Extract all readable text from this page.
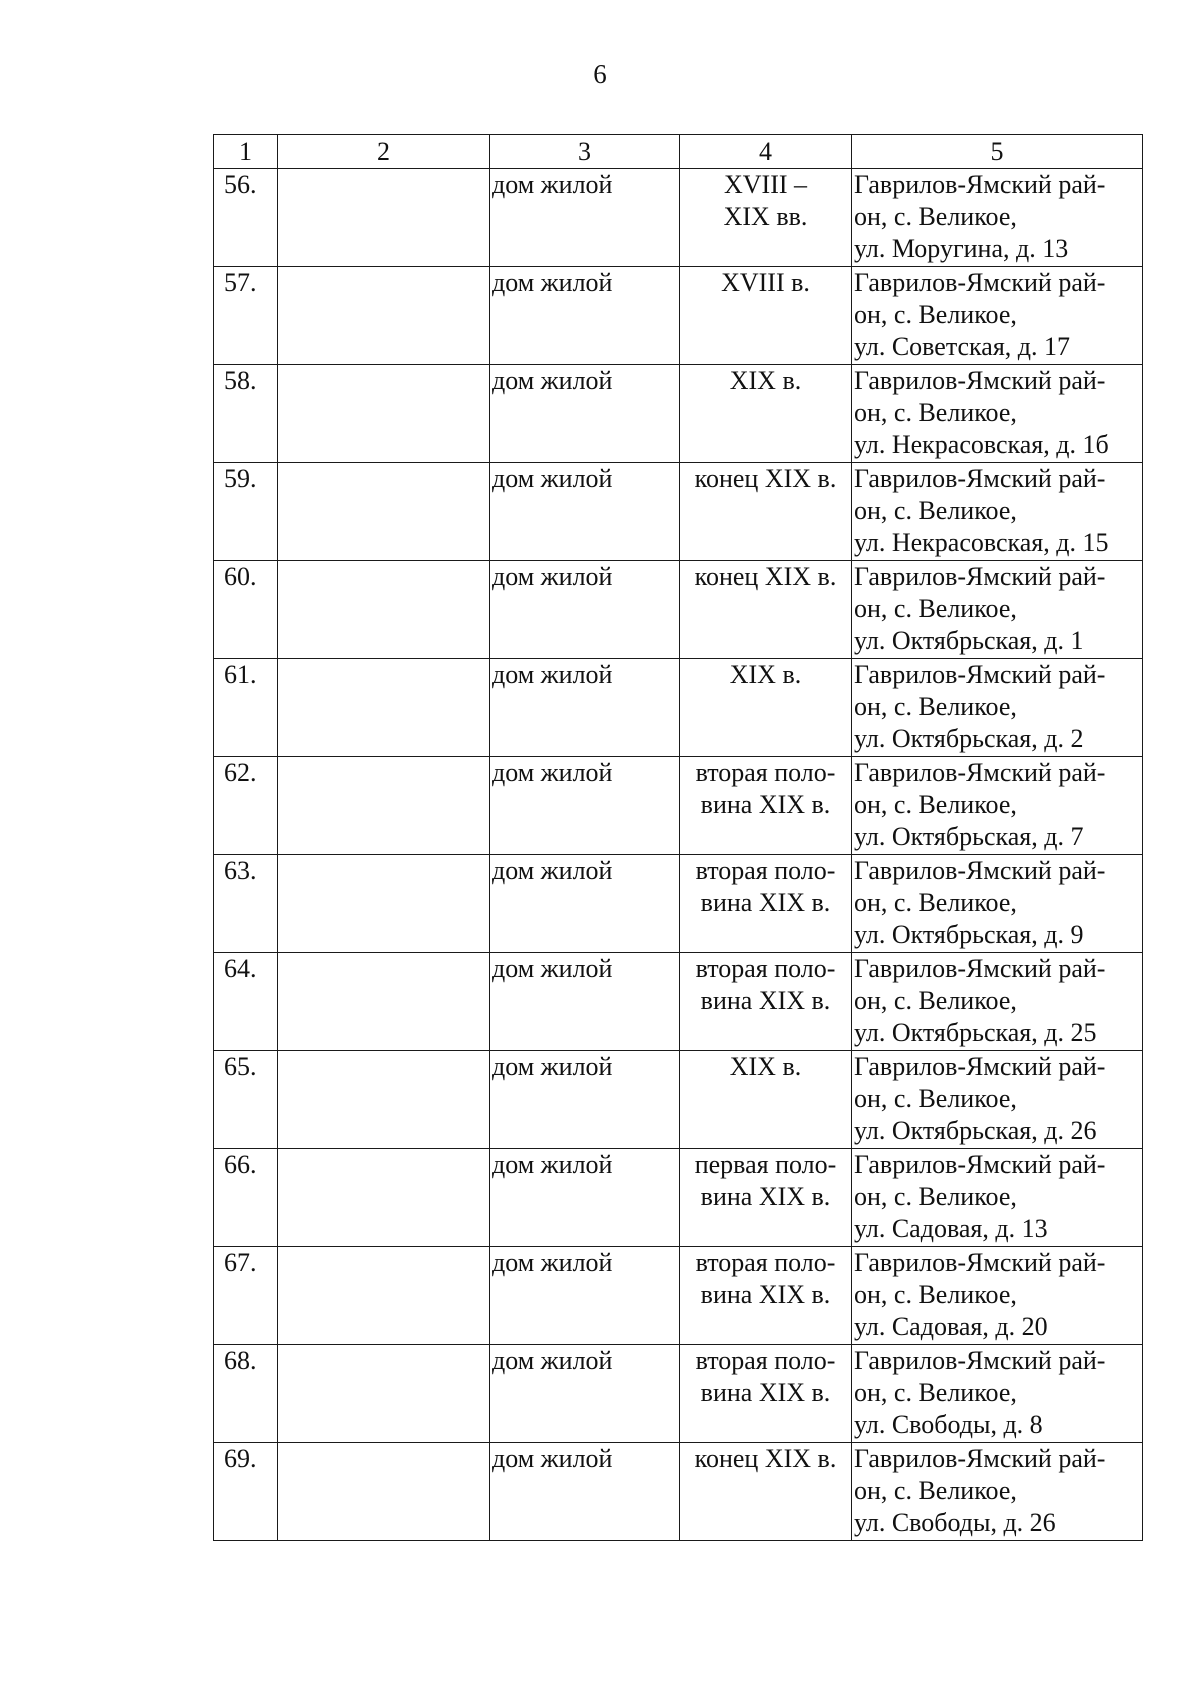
6
1	2	3	4	5
56.		дом жилой	XVIII –
XIX вв.	Гаврилов-Ямский рай-
он, с. Великое,
ул. Моругина, д. 13

57.		дом жилой	XVIII в.	Гаврилов-Ямский рай-
он, с. Великое,
ул. Советская, д. 17

58.		дом жилой	XIX в.	Гаврилов-Ямский рай-
он, с. Великое,
ул. Некрасовская, д. 1б

59.		дом жилой	конец XIX в.	Гаврилов-Ямский рай-
он, с. Великое,
ул. Некрасовская, д. 15

60.		дом жилой	конец XIX в.	Гаврилов-Ямский рай-
он, с. Великое,
ул. Октябрьская, д. 1

61.		дом жилой	XIX в.	Гаврилов-Ямский рай-
он, с. Великое,
ул. Октябрьская, д. 2

62.		дом жилой	вторая поло-
вина XIX в.	Гаврилов-Ямский рай-
он, с. Великое,
ул. Октябрьская, д. 7

63.		дом жилой	вторая поло-
вина XIX в.	Гаврилов-Ямский рай-
он, с. Великое,
ул. Октябрьская, д. 9

64.		дом жилой	вторая поло-
вина XIX в.	Гаврилов-Ямский рай-
он, с. Великое,
ул. Октябрьская, д. 25

65.		дом жилой	XIX в.	Гаврилов-Ямский рай-
он, с. Великое,
ул. Октябрьская, д. 26

66.		дом жилой	первая поло-
вина XIX в.	Гаврилов-Ямский рай-
он, с. Великое,
ул. Садовая, д. 13

67.		дом жилой	вторая поло-
вина XIX в.	Гаврилов-Ямский рай-
он, с. Великое,
ул. Садовая, д. 20

68.		дом жилой	вторая поло-
вина XIX в.	Гаврилов-Ямский рай-
он, с. Великое,
ул. Свободы, д. 8

69.		дом жилой	конец XIX в.	Гаврилов-Ямский рай-
он, с. Великое,
ул. Свободы, д. 26
